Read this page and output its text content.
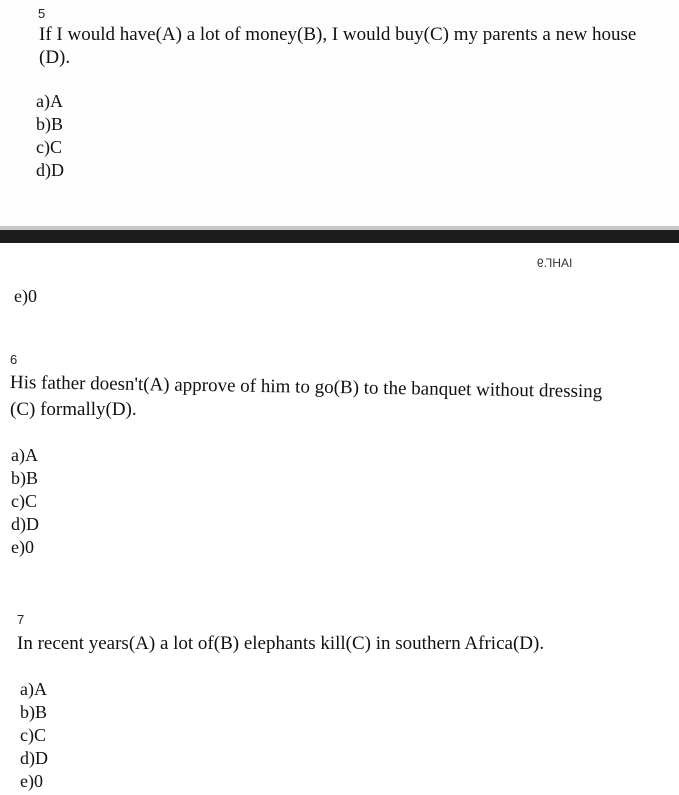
5
If I would have(A) a lot of money(B), I would buy(C) my parents a new house
(D).
a)A
b)B
c)C
d)D
ΙΑΗΓ.9
e)0
6
His father doesn't(A) approve of him to go(B) to the banquet without dressing
(C) formally(D).
a)A
b)B
c)C
d)D
e)0
7
In recent years(A) a lot of(B) elephants kill(C) in southern Africa(D).
a)A
b)B
c)C
d)D
e)0
